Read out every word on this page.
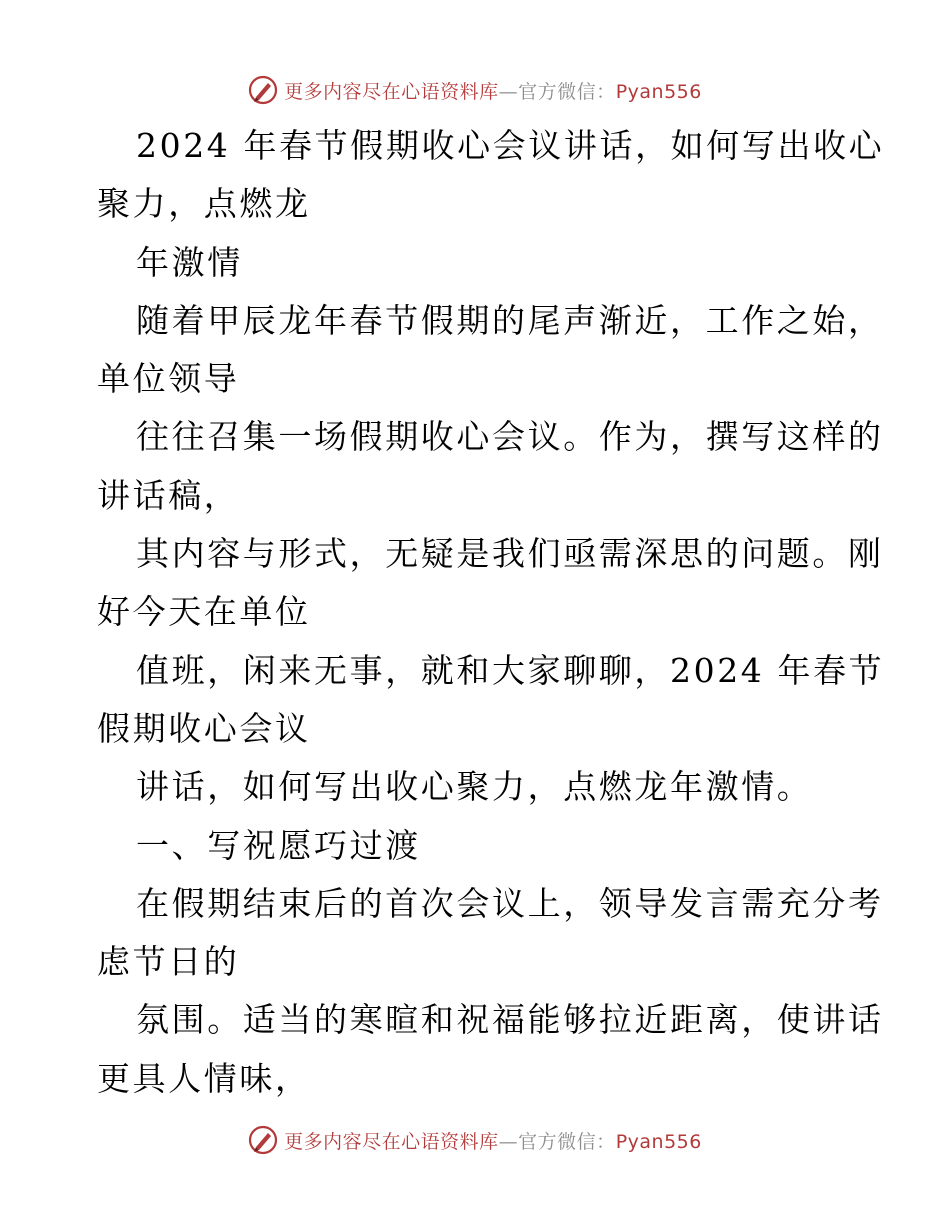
更多内容尽在心语资料库—官方微信：Pyan556
2024 年春节假期收心会议讲话，如何写出收心
聚力，点燃龙
年激情
随着甲辰龙年春节假期的尾声渐近，工作之始，
单位领导
往往召集一场假期收心会议。作为，撰写这样的
讲话稿，
其内容与形式，无疑是我们亟需深思的问题。刚
好今天在单位
值班，闲来无事，就和大家聊聊，2024 年春节
假期收心会议
讲话，如何写出收心聚力，点燃龙年激情。
一、写祝愿巧过渡
在假期结束后的首次会议上，领导发言需充分考
虑节日的
氛围。适当的寒暄和祝福能够拉近距离，使讲话
更具人情味，
更多内容尽在心语资料库—官方微信：Pyan556
